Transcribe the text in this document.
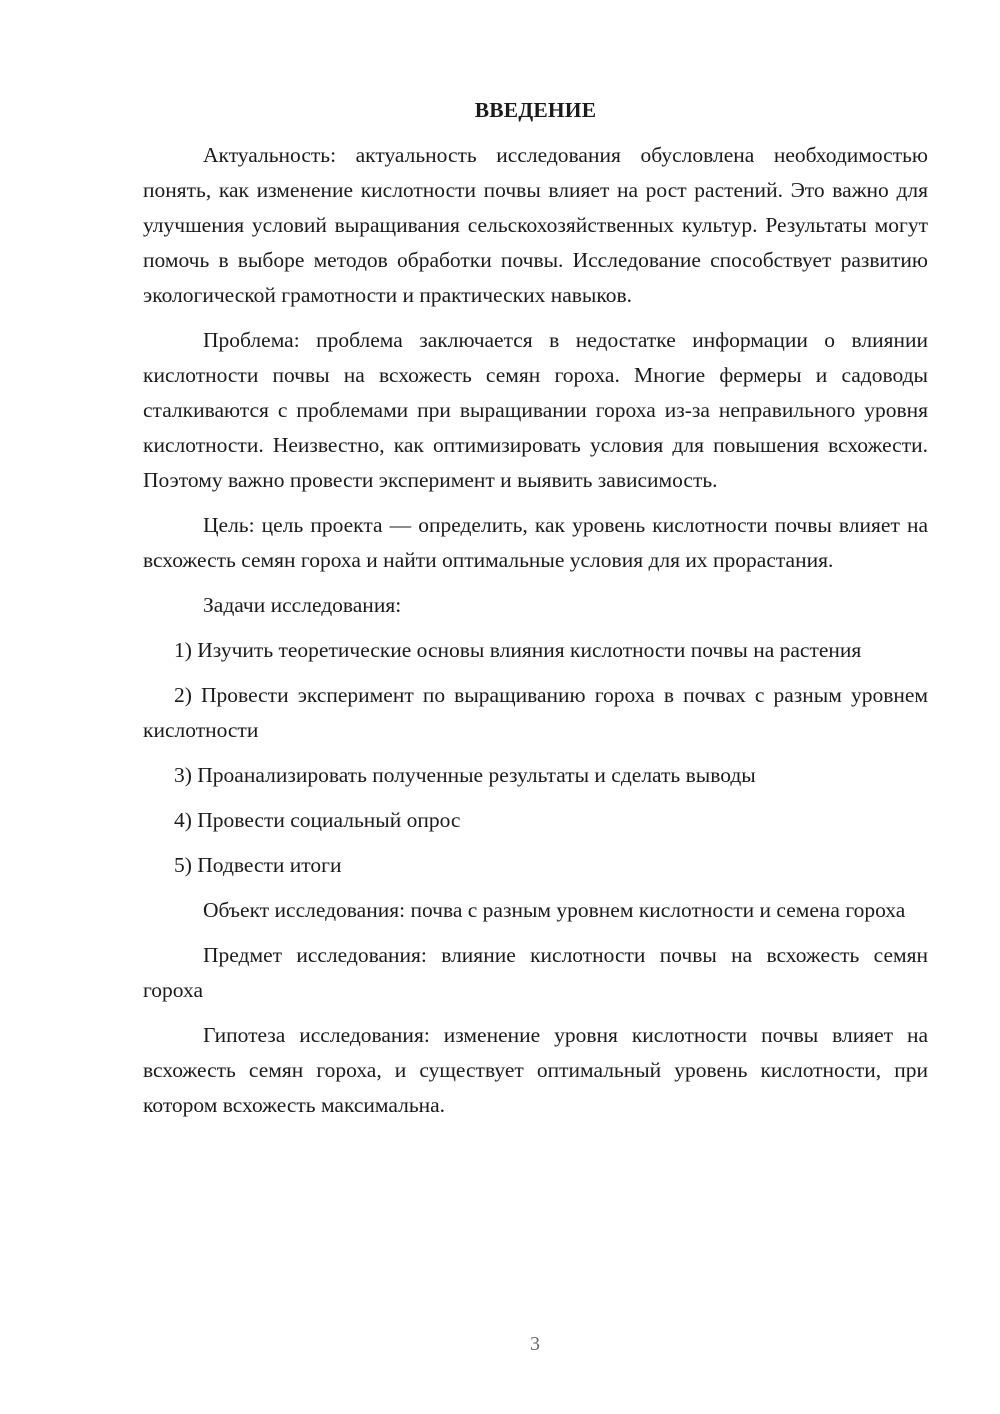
ВВЕДЕНИЕ

Актуальность: актуальность исследования обусловлена необходимостью понять, как изменение кислотности почвы влияет на рост растений. Это важно для улучшения условий выращивания сельскохозяйственных культур. Результаты могут помочь в выборе методов обработки почвы. Исследование способствует развитию экологической грамотности и практических навыков.

Проблема: проблема заключается в недостатке информации о влиянии кислотности почвы на всхожесть семян гороха. Многие фермеры и садоводы сталкиваются с проблемами при выращивании гороха из-за неправильного уровня кислотности. Неизвестно, как оптимизировать условия для повышения всхожести. Поэтому важно провести эксперимент и выявить зависимость.

Цель: цель проекта — определить, как уровень кислотности почвы влияет на всхожесть семян гороха и найти оптимальные условия для их прорастания.

Задачи исследования:

1) Изучить теоретические основы влияния кислотности почвы на растения

2) Провести эксперимент по выращиванию гороха в почвах с разным уровнем кислотности

3) Проанализировать полученные результаты и сделать выводы

4) Провести социальный опрос

5) Подвести итоги

Объект исследования: почва с разным уровнем кислотности и семена гороха

Предмет исследования: влияние кислотности почвы на всхожесть семян гороха

Гипотеза исследования: изменение уровня кислотности почвы влияет на всхожесть семян гороха, и существует оптимальный уровень кислотности, при котором всхожесть максимальна.

3
